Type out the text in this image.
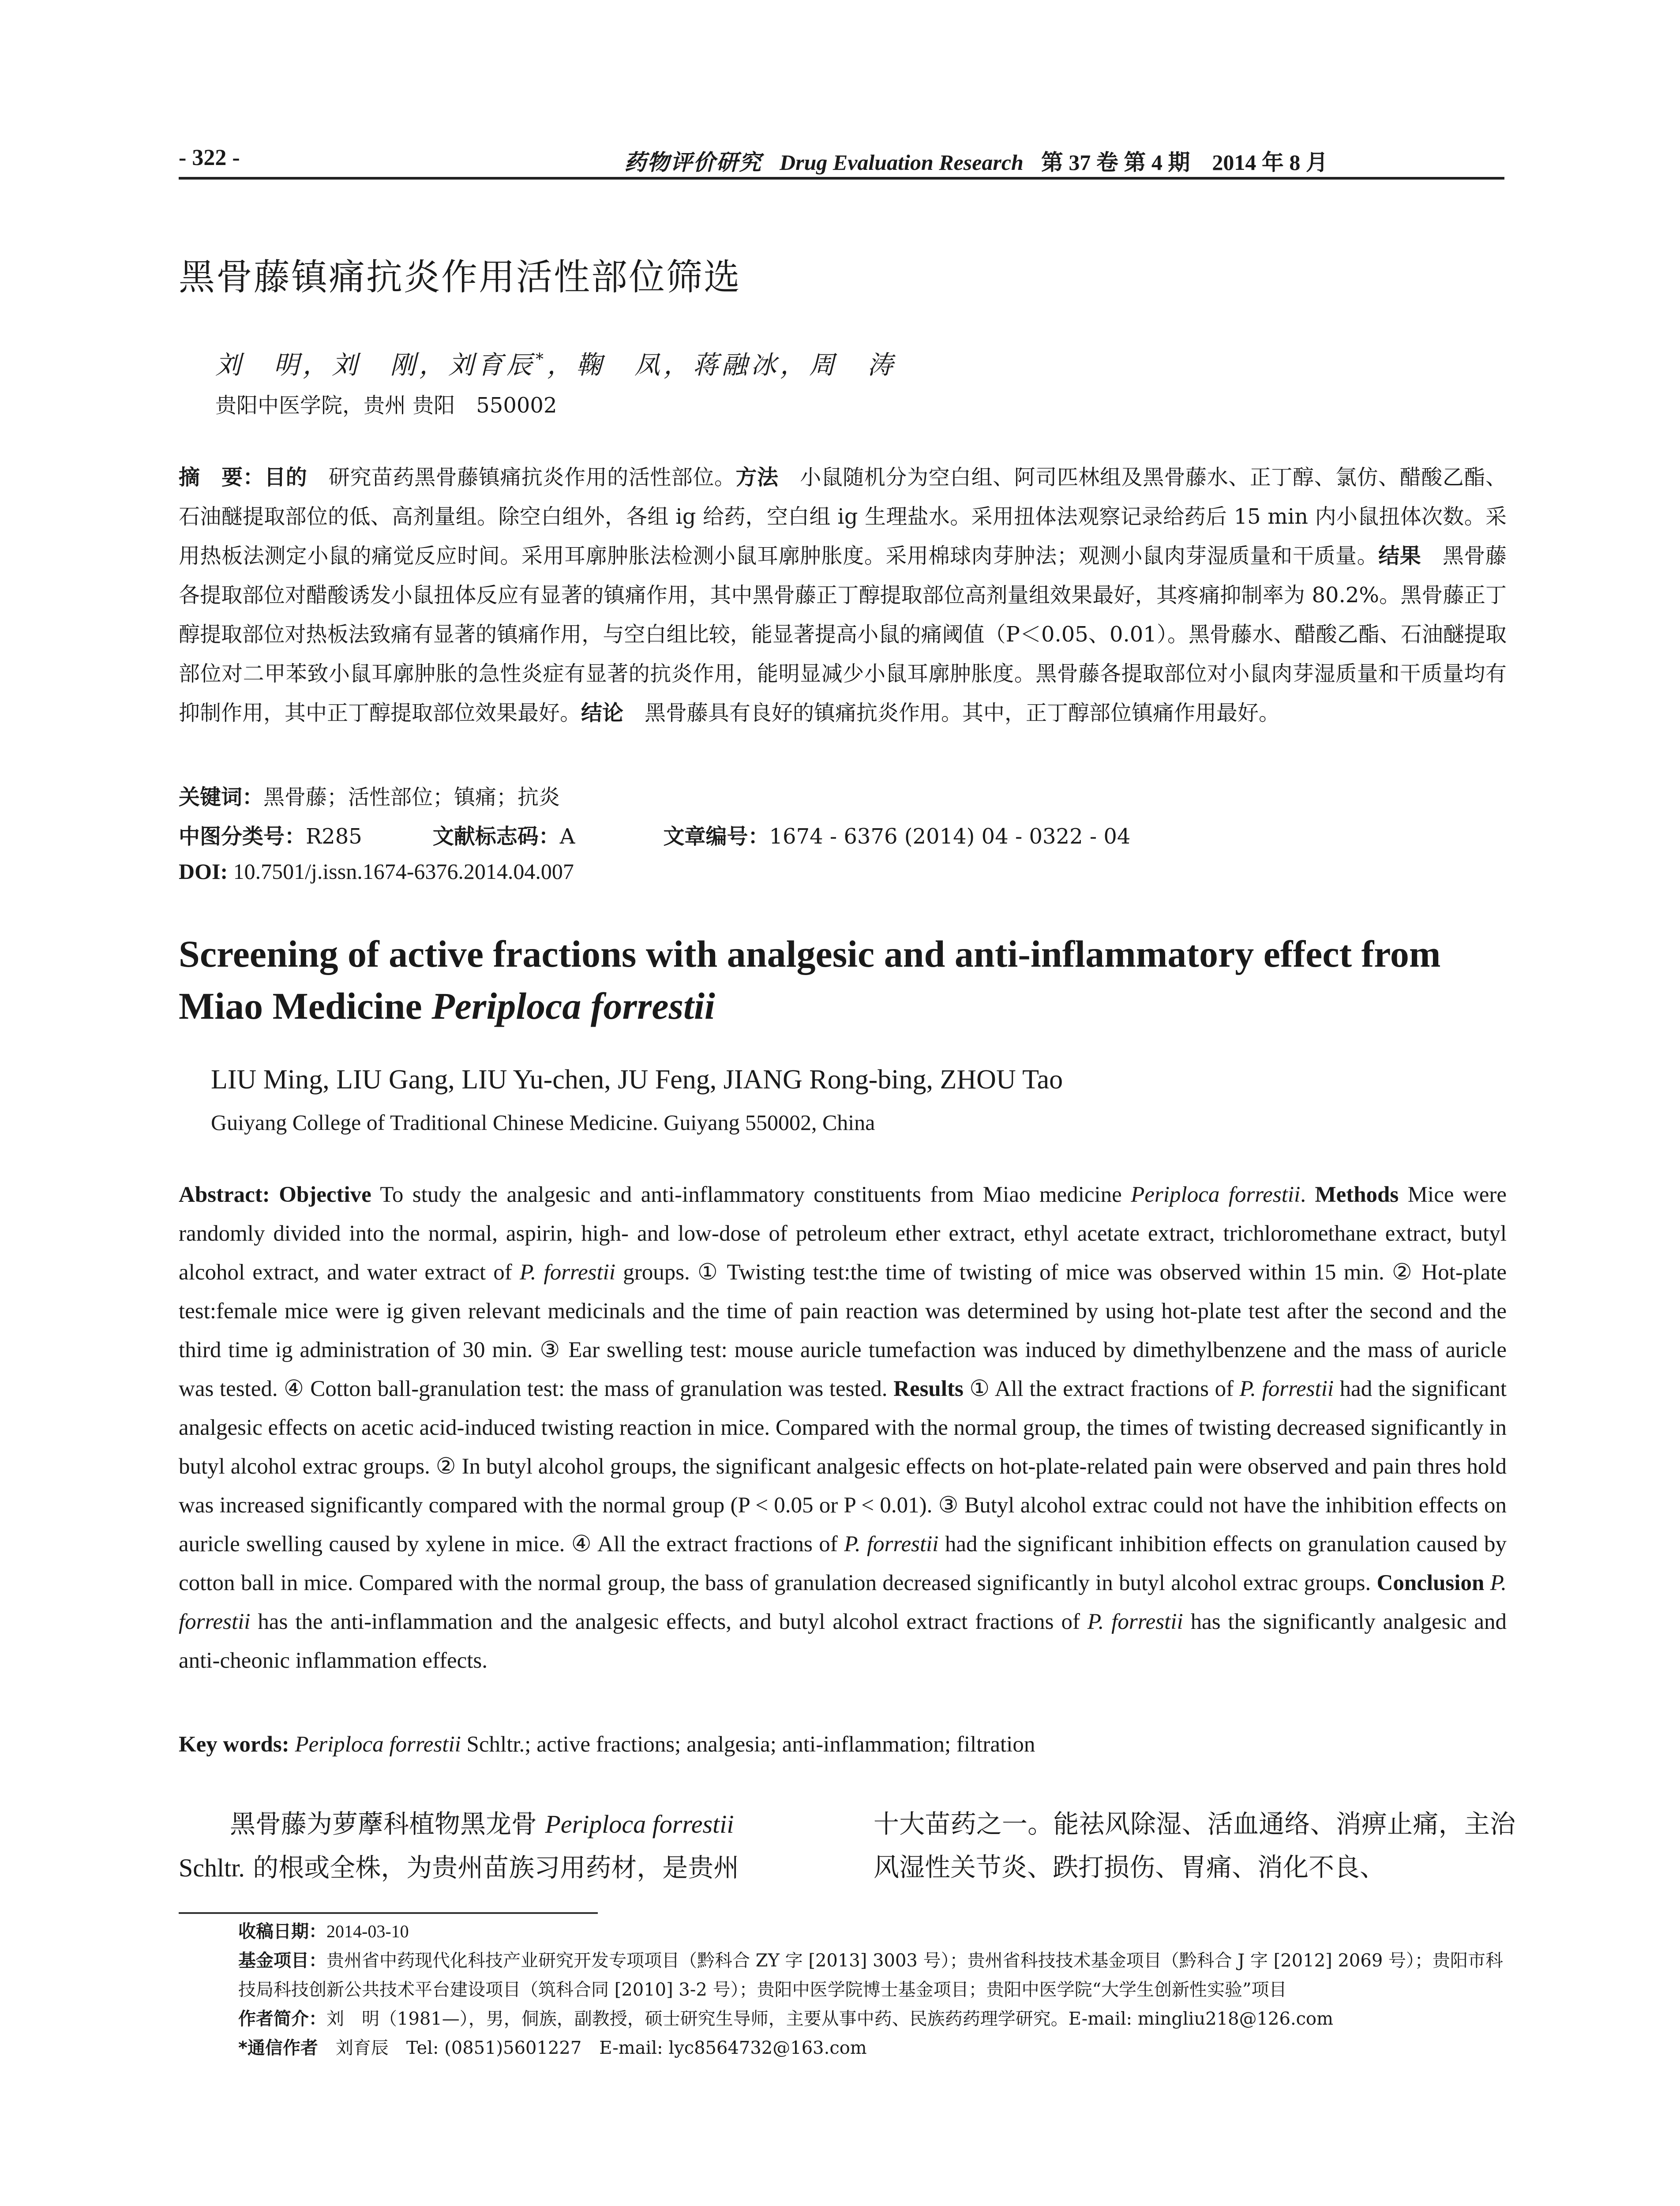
- 322 -	药物评价研究 Drug Evaluation Research 第 37 卷 第 4 期　2014 年 8 月
黑骨藤镇痛抗炎作用活性部位筛选
刘　明，刘　刚，刘育辰*，鞠　凤，蒋融冰，周　涛
贵阳中医学院，贵州 贵阳　550002
摘　要：目的　研究苗药黑骨藤镇痛抗炎作用的活性部位。方法　小鼠随机分为空白组、阿司匹林组及黑骨藤水、正丁醇、氯仿、醋酸乙酯、石油醚提取部位的低、高剂量组。除空白组外，各组 ig 给药，空白组 ig 生理盐水。采用扭体法观察记录给药后 15 min 内小鼠扭体次数。采用热板法测定小鼠的痛觉反应时间。采用耳廓肿胀法检测小鼠耳廓肿胀度。采用棉球肉芽肿法；观测小鼠肉芽湿质量和干质量。结果　黑骨藤各提取部位对醋酸诱发小鼠扭体反应有显著的镇痛作用，其中黑骨藤正丁醇提取部位高剂量组效果最好，其疼痛抑制率为 80.2%。黑骨藤正丁醇提取部位对热板法致痛有显著的镇痛作用，与空白组比较，能显著提高小鼠的痛阈值（P＜0.05、0.01）。黑骨藤水、醋酸乙酯、石油醚提取部位对二甲苯致小鼠耳廓肿胀的急性炎症有显著的抗炎作用，能明显减少小鼠耳廓肿胀度。黑骨藤各提取部位对小鼠肉芽湿质量和干质量均有抑制作用，其中正丁醇提取部位效果最好。结论　黑骨藤具有良好的镇痛抗炎作用。其中，正丁醇部位镇痛作用最好。
关键词：黑骨藤；活性部位；镇痛；抗炎
中图分类号：R285	文献标志码：A	文章编号：1674 - 6376 (2014) 04 - 0322 - 04
DOI: 10.7501/j.issn.1674-6376.2014.04.007
Screening of active fractions with analgesic and anti-inflammatory effect from
Miao Medicine Periploca forrestii
LIU Ming, LIU Gang, LIU Yu-chen, JU Feng, JIANG Rong-bing, ZHOU Tao
Guiyang College of Traditional Chinese Medicine. Guiyang 550002, China
Abstract: Objective To study the analgesic and anti-inflammatory constituents from Miao medicine Periploca forrestii. Methods Mice were randomly divided into the normal, aspirin, high- and low-dose of petroleum ether extract, ethyl acetate extract, trichloromethane extract, butyl alcohol extract, and water extract of P. forrestii groups. ① Twisting test:the time of twisting of mice was observed within 15 min. ② Hot-plate test:female mice were ig given relevant medicinals and the time of pain reaction was determined by using hot-plate test after the second and the third time ig administration of 30 min. ③ Ear swelling test: mouse auricle tumefaction was induced by dimethylbenzene and the mass of auricle was tested. ④ Cotton ball-granulation test: the mass of granulation was tested. Results ① All the extract fractions of P. forrestii had the significant analgesic effects on acetic acid-induced twisting reaction in mice. Compared with the normal group, the times of twisting decreased significantly in butyl alcohol extrac groups. ② In butyl alcohol groups, the significant analgesic effects on hot-plate-related pain were observed and pain thres hold was increased significantly compared with the normal group (P < 0.05 or P < 0.01). ③ Butyl alcohol extrac could not have the inhibition effects on auricle swelling caused by xylene in mice. ④ All the extract fractions of P. forrestii had the significant inhibition effects on granulation caused by cotton ball in mice. Compared with the normal group, the bass of granulation decreased significantly in butyl alcohol extrac groups. Conclusion P. forrestii has the anti-inflammation and the analgesic effects, and butyl alcohol extract fractions of P. forrestii has the significantly analgesic and anti-cheonic inflammation effects.
Key words: Periploca forrestii Schltr.; active fractions; analgesia; anti-inflammation; filtration
　　黑骨藤为萝藦科植物黑龙骨 Periploca forrestii
Schltr. 的根或全株，为贵州苗族习用药材，是贵州
十大苗药之一。能祛风除湿、活血通络、消痹止痛，主治风湿性关节炎、跌打损伤、胃痛、消化不良、
收稿日期：2014-03-10
基金项目：贵州省中药现代化科技产业研究开发专项项目（黔科合 ZY 字 [2013] 3003 号）；贵州省科技技术基金项目（黔科合 J 字 [2012] 2069 号）；贵阳市科技局科技创新公共技术平台建设项目（筑科合同 [2010] 3-2 号）；贵阳中医学院博士基金项目；贵阳中医学院“大学生创新性实验”项目
作者简介：刘　明（1981—），男，侗族，副教授，硕士研究生导师，主要从事中药、民族药药理学研究。E-mail: mingliu218@126.com
*通信作者　刘育辰　Tel: (0851)5601227　E-mail: lyc8564732@163.com
